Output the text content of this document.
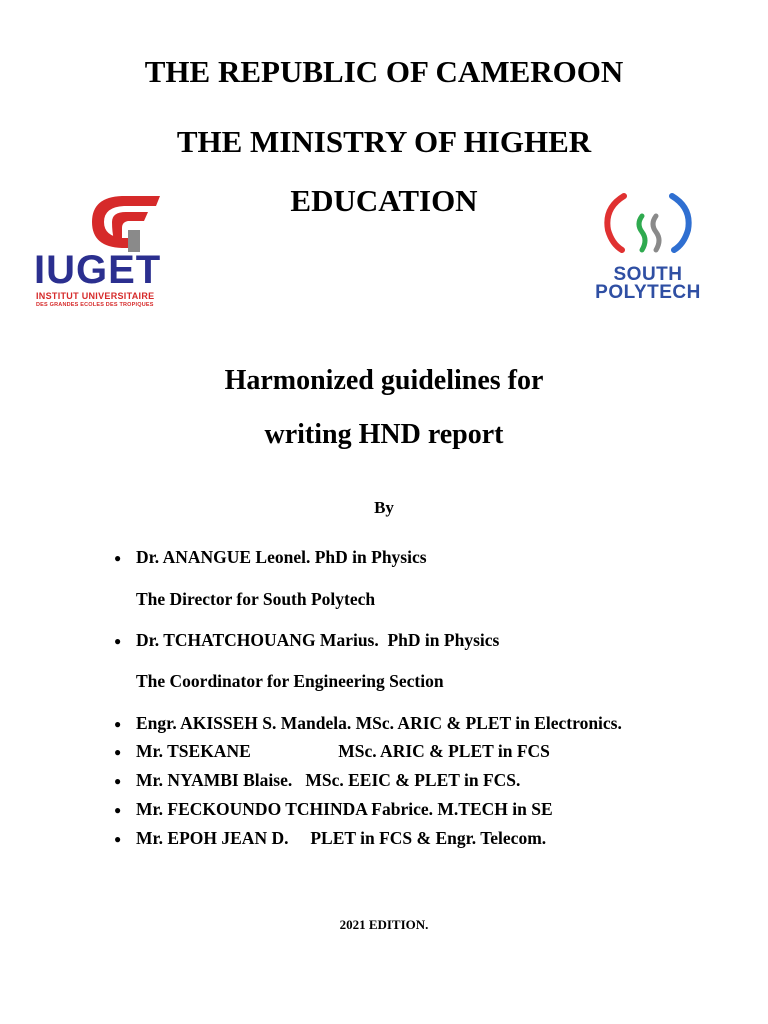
THE REPUBLIC OF CAMEROON
THE MINISTRY OF HIGHER
EDUCATION
IUGET
INSTITUT UNIVERSITAIRE
DES GRANDES ECOLES DES TROPIQUES
SOUTH
POLYTECH
Harmonized guidelines for
writing HND report
By
● Dr. ANANGUE Leonel. PhD in Physics
The Director for South Polytech
● Dr. TCHATCHOUANG Marius.  PhD in Physics
The Coordinator for Engineering Section
● Engr. AKISSEH S. Mandela. MSc. ARIC & PLET in Electronics.
● Mr. TSEKANE                    MSc. ARIC & PLET in FCS
● Mr. NYAMBI Blaise.   MSc. EEIC & PLET in FCS.
● Mr. FECKOUNDO TCHINDA Fabrice. M.TECH in SE
● Mr. EPOH JEAN D.     PLET in FCS & Engr. Telecom.
2021 EDITION.
